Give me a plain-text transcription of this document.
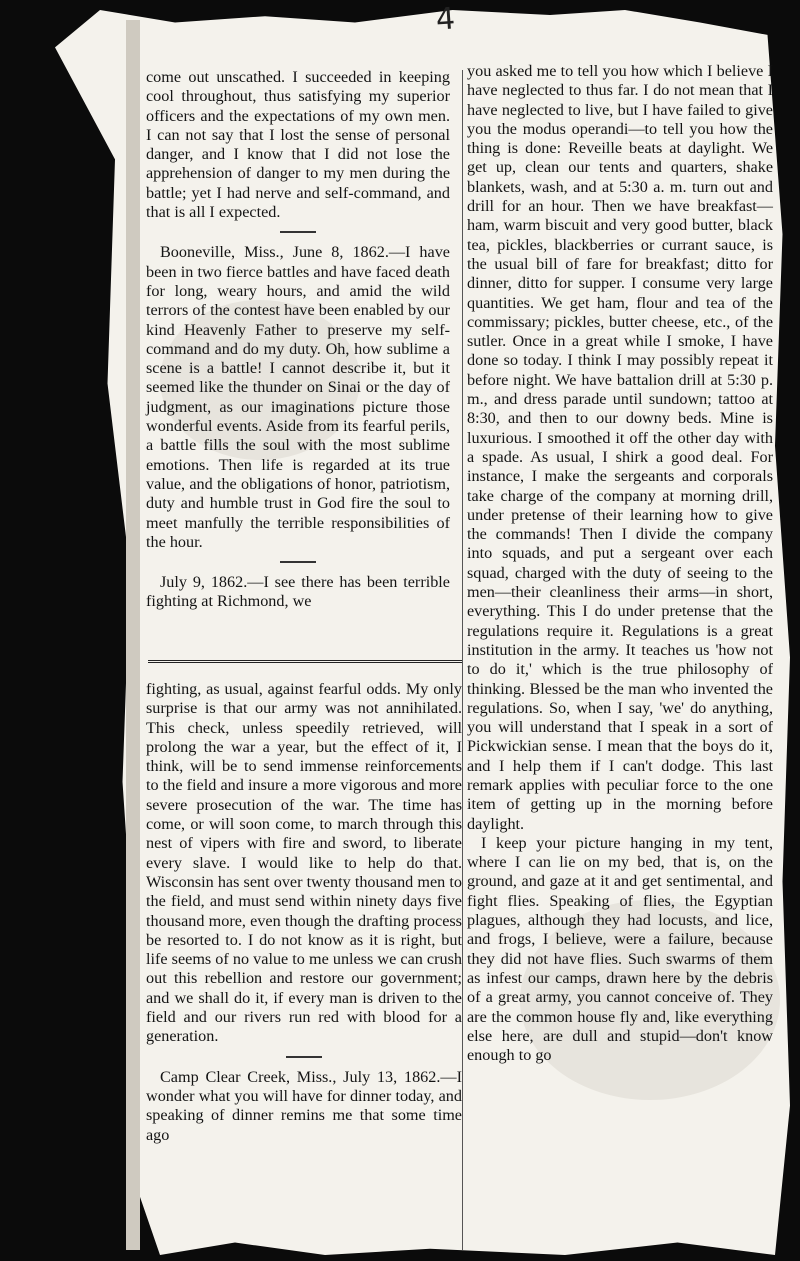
4

come out unscathed. I succeeded in keeping cool throughout, thus satisfying my superior officers and the expectations of my own men. I can not say that I lost the sense of personal danger, and I know that I did not lose the apprehension of danger to my men during the battle; yet I had nerve and self-command, and that is all I expected.

Booneville, Miss., June 8, 1862.—I have been in two fierce battles and have faced death for long, weary hours, and amid the wild terrors of the contest have been enabled by our kind Heavenly Father to preserve my self-command and do my duty. Oh, how sublime a scene is a battle! I cannot describe it, but it seemed like the thunder on Sinai or the day of judgment, as our imaginations picture those wonderful events. Aside from its fearful perils, a battle fills the soul with the most sublime emotions. Then life is regarded at its true value, and the obligations of honor, patriotism, duty and humble trust in God fire the soul to meet manfully the terrible responsibilities of the hour.

July 9, 1862.—I see there has been terrible fighting at Richmond, we

fighting, as usual, against fearful odds. My only surprise is that our army was not annihilated. This check, unless speedily retrieved, will prolong the war a year, but the effect of it, I think, will be to send immense reinforcements to the field and insure a more vigorous and more severe prosecution of the war. The time has come, or will soon come, to march through this nest of vipers with fire and sword, to liberate every slave. I would like to help do that. Wisconsin has sent over twenty thousand men to the field, and must send within ninety days five thousand more, even though the drafting process be resorted to. I do not know as it is right, but life seems of no value to me unless we can crush out this rebellion and restore our government; and we shall do it, if every man is driven to the field and our rivers run red with blood for a generation.

Camp Clear Creek, Miss., July 13, 1862.—I wonder what you will have for dinner today, and speaking of dinner remins me that some time ago

you asked me to tell you how which I believe I have neglected to thus far. I do not mean that I have neglected to live, but I have failed to give you the modus operandi—to tell you how the thing is done: Reveille beats at daylight. We get up, clean our tents and quarters, shake blankets, wash, and at 5:30 a. m. turn out and drill for an hour. Then we have breakfast—ham, warm biscuit and very good butter, black tea, pickles, blackberries or currant sauce, is the usual bill of fare for breakfast; ditto for dinner, ditto for supper. I consume very large quantities. We get ham, flour and tea of the commissary; pickles, butter cheese, etc., of the sutler. Once in a great while I smoke, I have done so today. I think I may possibly repeat it before night. We have battalion drill at 5:30 p. m., and dress parade until sundown; tattoo at 8:30, and then to our downy beds. Mine is luxurious. I smoothed it off the other day with a spade. As usual, I shirk a good deal. For instance, I make the sergeants and corporals take charge of the company at morning drill, under pretense of their learning how to give the commands! Then I divide the company into squads, and put a sergeant over each squad, charged with the duty of seeing to the men—their cleanliness their arms—in short, everything. This I do under pretense that the regulations require it. Regulations is a great institution in the army. It teaches us 'how not to do it,' which is the true philosophy of thinking. Blessed be the man who invented the regulations. So, when I say, 'we' do anything, you will understand that I speak in a sort of Pickwickian sense. I mean that the boys do it, and I help them if I can't dodge. This last remark applies with peculiar force to the one item of getting up in the morning before daylight.

I keep your picture hanging in my tent, where I can lie on my bed, that is, on the ground, and gaze at it and get sentimental, and fight flies. Speaking of flies, the Egyptian plagues, although they had locusts, and lice, and frogs, I believe, were a failure, because they did not have flies. Such swarms of them as infest our camps, drawn here by the debris of a great army, you cannot conceive of. They are the common house fly and, like everything else here, are dull and stupid—don't know enough to go
